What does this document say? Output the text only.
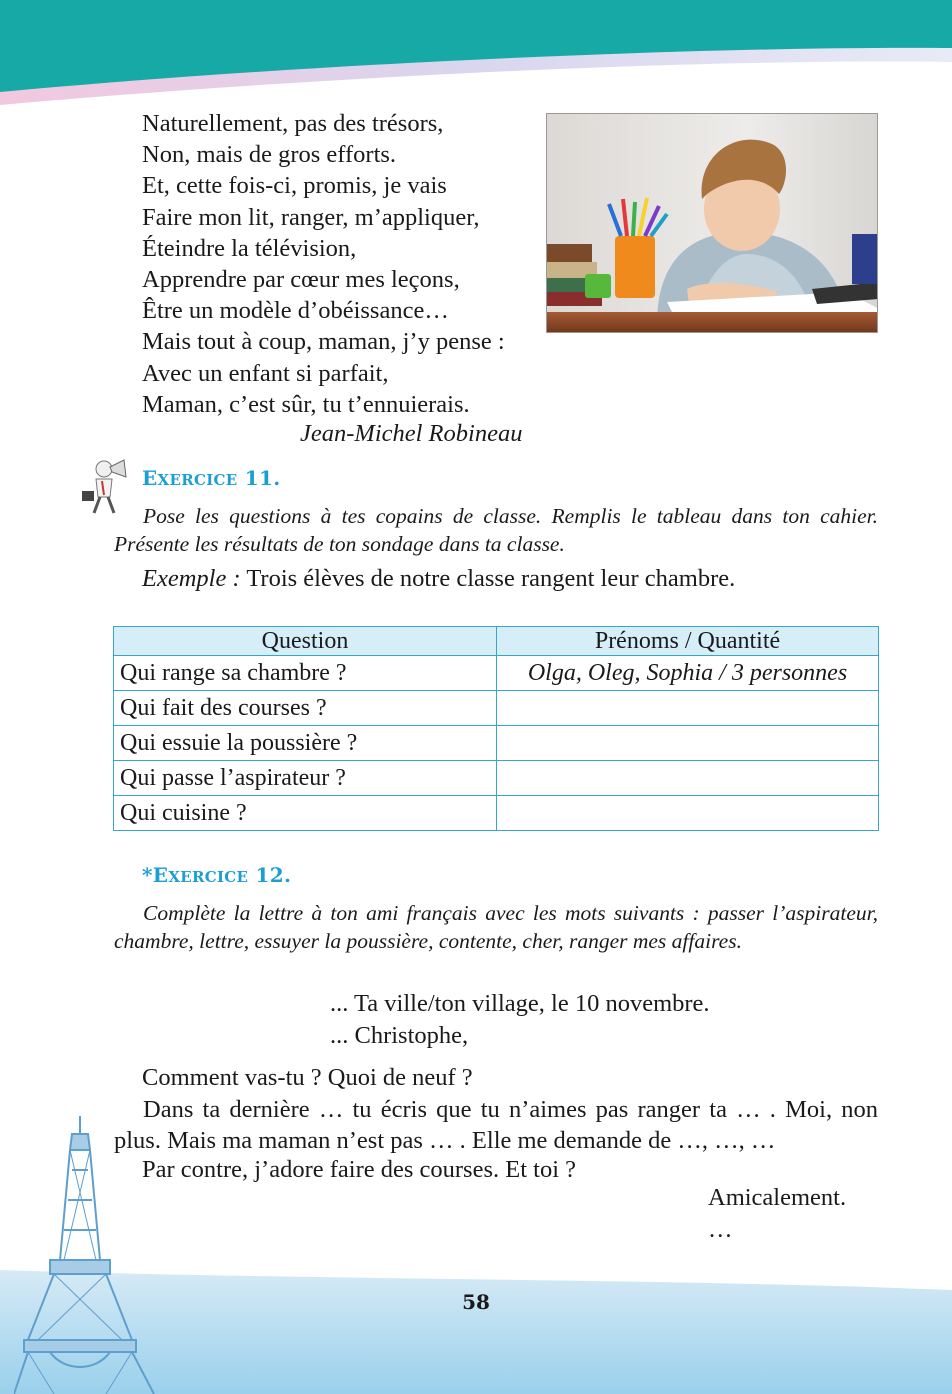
Naturellement, pas des trésors,
Non, mais de gros efforts.
Et, cette fois-ci, promis, je vais
Faire mon lit, ranger, m’appliquer,
Éteindre la télévision,
Apprendre par cœur mes leçons,
Être un modèle d’obéissance…
Mais tout à coup, maman, j’y pense :
Avec un enfant si parfait,
Maman, c’est sûr, tu t’ennuierais.
Jean-Michel Robineau
EXERCICE 11.
Pose les questions à tes copains de classe. Remplis le tableau dans ton cahier. Présente les résultats de ton sondage dans ta classe.
Exemple : Trois élèves de notre classe rangent leur chambre.
Question	Prénoms / Quantité
Qui range sa chambre ?	Olga, Oleg, Sophia / 3 personnes
Qui fait des courses ?	
Qui essuie la poussière ?	
Qui passe l’aspirateur ?	
Qui cuisine ?	
*EXERCICE 12.
Complète la lettre à ton ami français avec les mots suivants : passer l’aspirateur, chambre, lettre, essuyer la poussière, contente, cher, ranger mes affaires.
... Ta ville/ton village, le 10 novembre.
... Christophe,
Comment vas-tu ? Quoi de neuf ?
Dans ta dernière … tu écris que tu n’aimes pas ranger ta … . Moi, non plus. Mais ma maman n’est pas … . Elle me demande de …, …, …
Par contre, j’adore faire des courses. Et toi ?
Amicalement.
…
58
